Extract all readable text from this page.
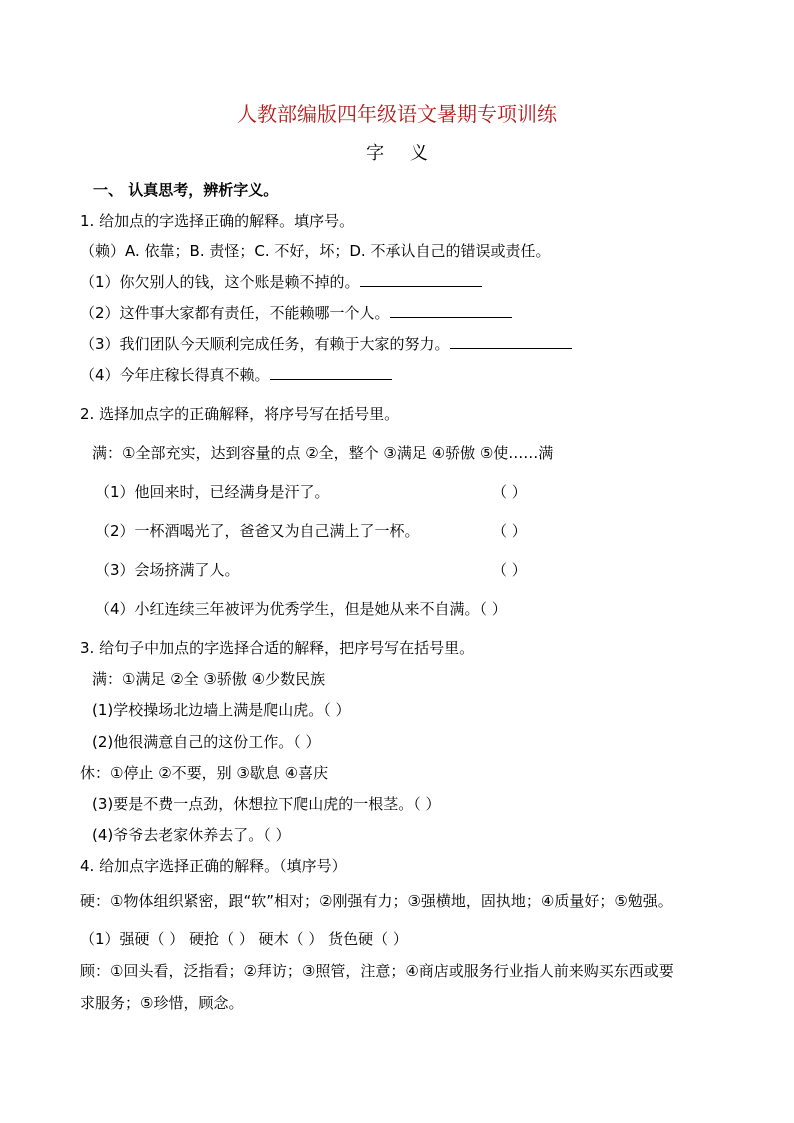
人教部编版四年级语文暑期专项训练
字 义
一、 认真思考，辨析字义。
1. 给加点的字选择正确的解释。填序号。
（赖）A. 依靠；B. 责怪；C. 不好，坏；D. 不承认自己的错误或责任。
（1）你欠别人的钱，这个账是赖不掉的。
（2）这件事大家都有责任，不能赖哪一个人。
（3）我们团队今天顺利完成任务，有赖于大家的努力。
（4）今年庄稼长得真不赖。
2. 选择加点字的正确解释，将序号写在括号里。
满：①全部充实，达到容量的点 ②全，整个 ③满足 ④骄傲 ⑤使……满
（1）他回来时，已经满身是汗了。	（ ）
（2）一杯酒喝光了，爸爸又为自己满上了一杯。	（ ）
（3）会场挤满了人。	（ ）
（4）小红连续三年被评为优秀学生，但是她从来不自满。（ ）
3. 给句子中加点的字选择合适的解释，把序号写在括号里。
满：①满足 ②全 ③骄傲 ④少数民族
(1)学校操场北边墙上满是爬山虎。（ ）
(2)他很满意自己的这份工作。（ ）
休：①停止 ②不要，别 ③歇息 ④喜庆
(3)要是不费一点劲，休想拉下爬山虎的一根茎。（ ）
(4)爷爷去老家休养去了。（ ）
4. 给加点字选择正确的解释。（填序号）
硬：①物体组织紧密，跟“软”相对；②刚强有力；③强横地，固执地；④质量好；⑤勉强。
（1）强硬（ ） 硬抢（ ） 硬木（ ） 货色硬（ ）
顾：①回头看，泛指看；②拜访；③照管，注意；④商店或服务行业指人前来购买东西或要
求服务；⑤珍惜，顾念。
